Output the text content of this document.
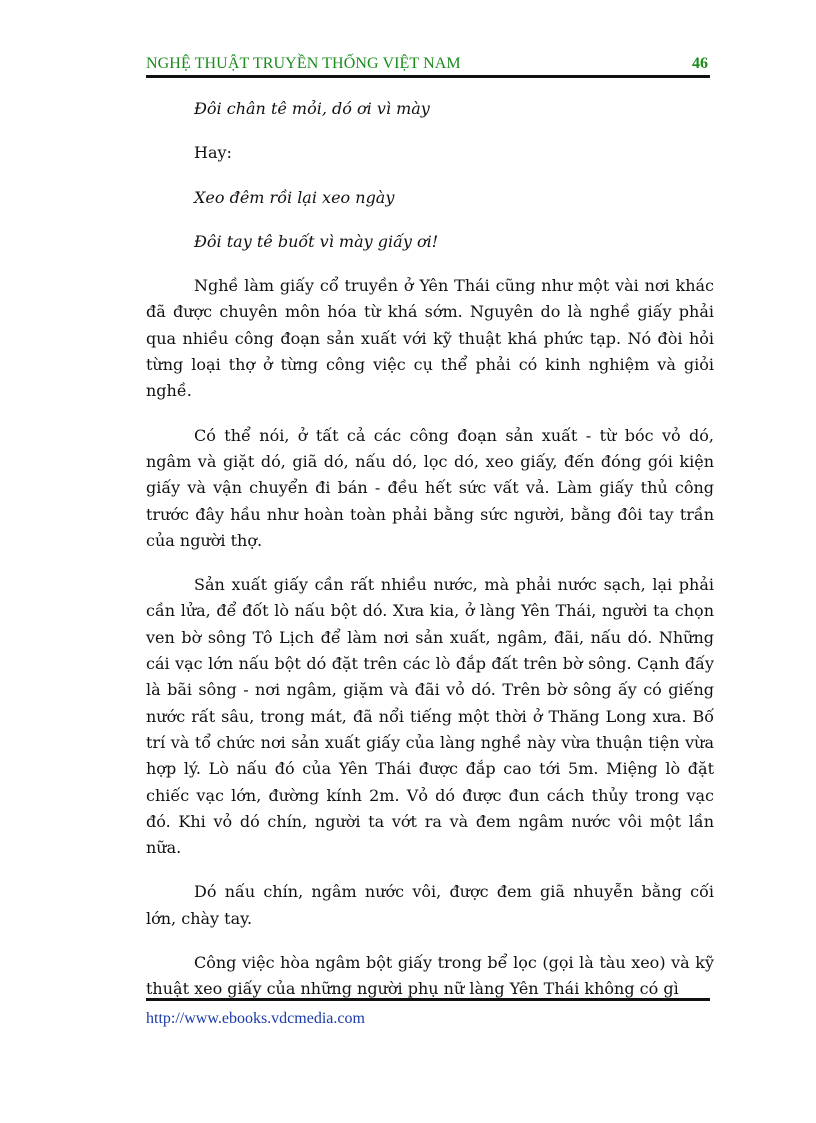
NGHỆ THUẬT TRUYỀN THỐNG VIỆT NAM	46

Đôi chân tê mỏi, dó ơi vì mày

Hay:

Xeo đêm rồi lại xeo ngày

Đôi tay tê buốt vì mày giấy ơi!

Nghề làm giấy cổ truyền ở Yên Thái cũng như một vài nơi khác đã được chuyên môn hóa từ khá sớm. Nguyên do là nghề giấy phải qua nhiều công đoạn sản xuất với kỹ thuật khá phức tạp. Nó đòi hỏi từng loại thợ ở từng công việc cụ thể phải có kinh nghiệm và giỏi nghề.

Có thể nói, ở tất cả các công đoạn sản xuất - từ bóc vỏ dó, ngâm và giặt dó, giã dó, nấu dó, lọc dó, xeo giấy, đến đóng gói kiện giấy và vận chuyển đi bán - đều hết sức vất vả. Làm giấy thủ công trước đây hầu như hoàn toàn phải bằng sức người, bằng đôi tay trần của người thợ.

Sản xuất giấy cần rất nhiều nước, mà phải nước sạch, lại phải cần lửa, để đốt lò nấu bột dó. Xưa kia, ở làng Yên Thái, người ta chọn ven bờ sông Tô Lịch để làm nơi sản xuất, ngâm, đãi, nấu dó. Những cái vạc lớn nấu bột dó đặt trên các lò đắp đất trên bờ sông. Cạnh đấy là bãi sông - nơi ngâm, giặm và đãi vỏ dó. Trên bờ sông ấy có giếng nước rất sâu, trong mát, đã nổi tiếng một thời ở Thăng Long xưa. Bố trí và tổ chức nơi sản xuất giấy của làng nghề này vừa thuận tiện vừa hợp lý. Lò nấu đó của Yên Thái được đắp cao tới 5m. Miệng lò đặt chiếc vạc lớn, đường kính 2m. Vỏ dó được đun cách thủy trong vạc đó. Khi vỏ dó chín, người ta vớt ra và đem ngâm nước vôi một lần nữa.

Dó nấu chín, ngâm nước vôi, được đem giã nhuyễn bằng cối lớn, chày tay.

Công việc hòa ngâm bột giấy trong bể lọc (gọi là tàu xeo) và kỹ thuật xeo giấy của những người phụ nữ làng Yên Thái không có gì

http://www.ebooks.vdcmedia.com
